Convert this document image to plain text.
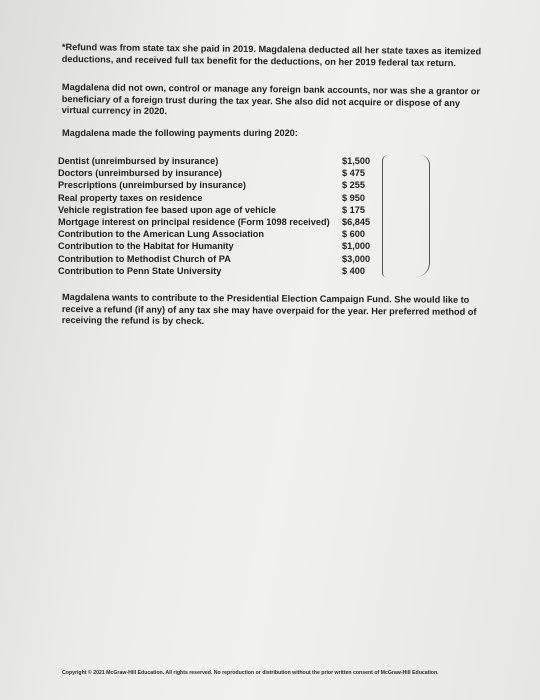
*Refund was from state tax she paid in 2019. Magdalena deducted all her state taxes as itemized deductions, and received full tax benefit for the deductions, on her 2019 federal tax return.

Magdalena did not own, control or manage any foreign bank accounts, nor was she a grantor or beneficiary of a foreign trust during the tax year. She also did not acquire or dispose of any virtual currency in 2020.

Magdalena made the following payments during 2020:

Dentist (unreimbursed by insurance)	$1,500
Doctors (unreimbursed by insurance)	$ 475
Prescriptions (unreimbursed by insurance)	$ 255
Real property taxes on residence	$ 950
Vehicle registration fee based upon age of vehicle	$ 175
Mortgage interest on principal residence (Form 1098 received)	$6,845
Contribution to the American Lung Association	$ 600
Contribution to the Habitat for Humanity	$1,000
Contribution to Methodist Church of PA	$3,000
Contribution to Penn State University	$ 400

Magdalena wants to contribute to the Presidential Election Campaign Fund. She would like to receive a refund (if any) of any tax she may have overpaid for the year. Her preferred method of receiving the refund is by check.

Copyright © 2021 McGraw-Hill Education. All rights reserved. No reproduction or distribution without the prior written consent of McGraw-Hill Education.
